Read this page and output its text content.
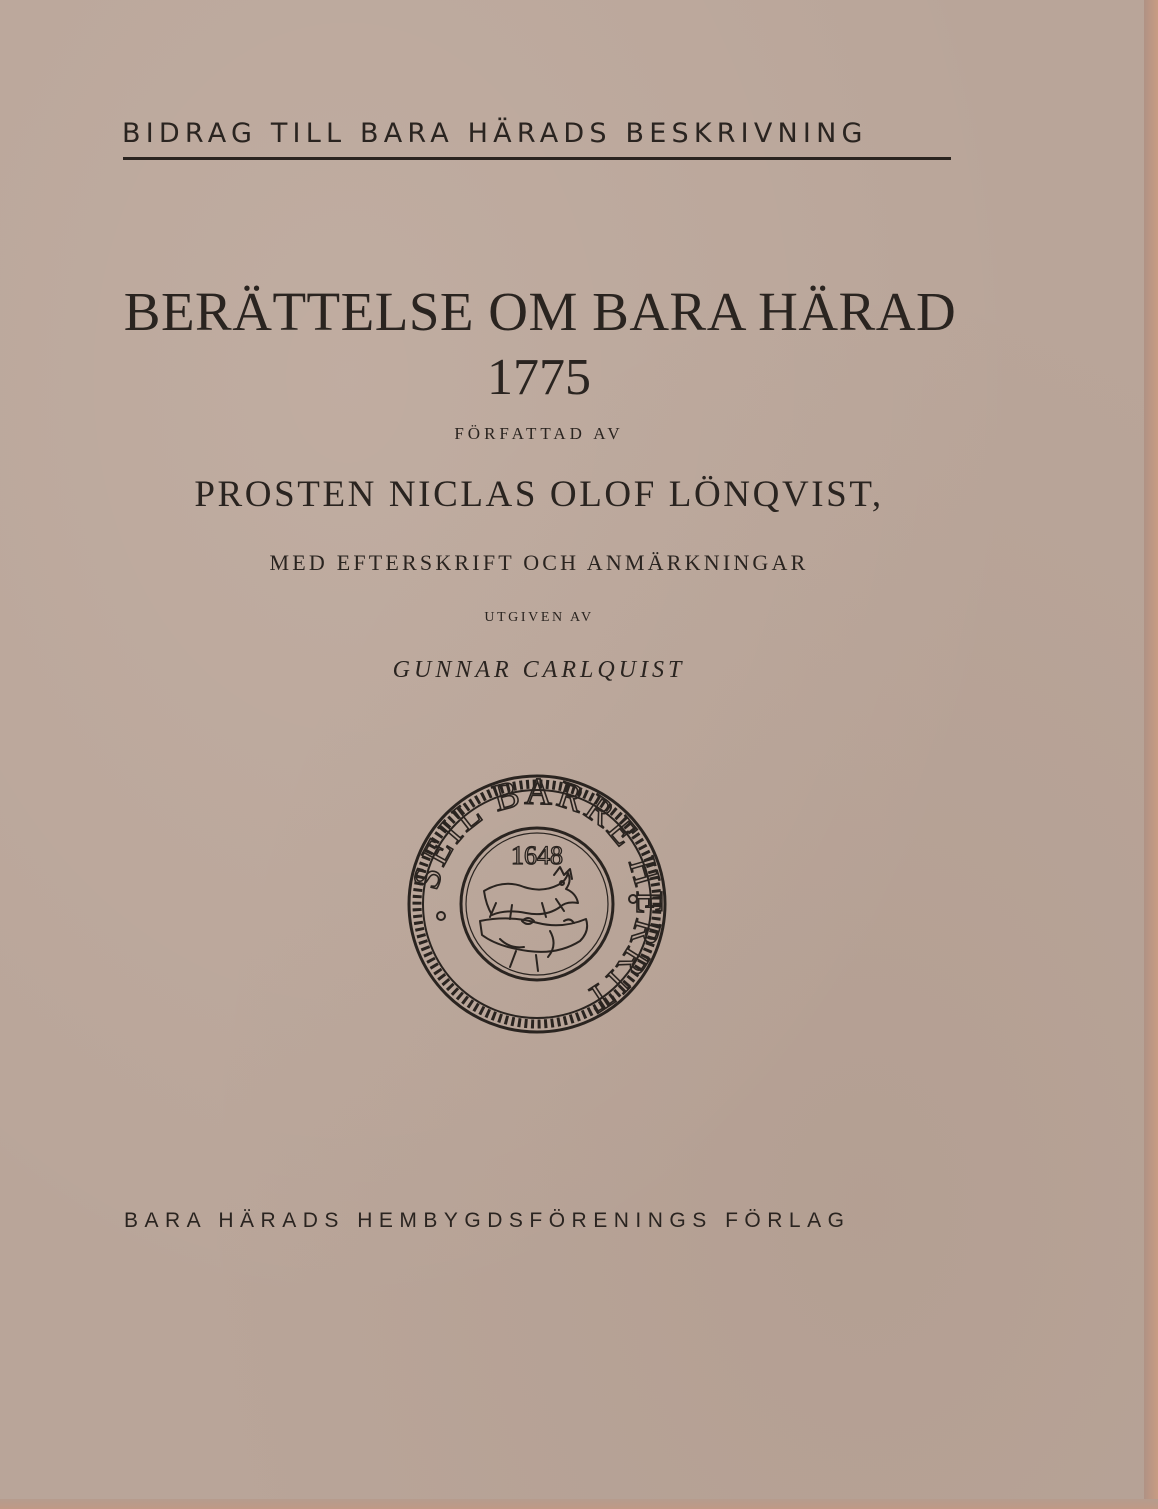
BIDRAG TILL BARA HÄRADS BESKRIVNING
BERÄTTELSE OM BARA HÄRAD
1775
FÖRFATTAD AV
PROSTEN NICLAS OLOF LÖNQVIST,
MED EFTERSKRIFT OCH ANMÄRKNINGAR
UTGIVEN AV
GUNNAR CARLQUIST
SEIL BARRE HERRIT
1648
BARA HÄRADS HEMBYGDSFÖRENINGS FÖRLAG
